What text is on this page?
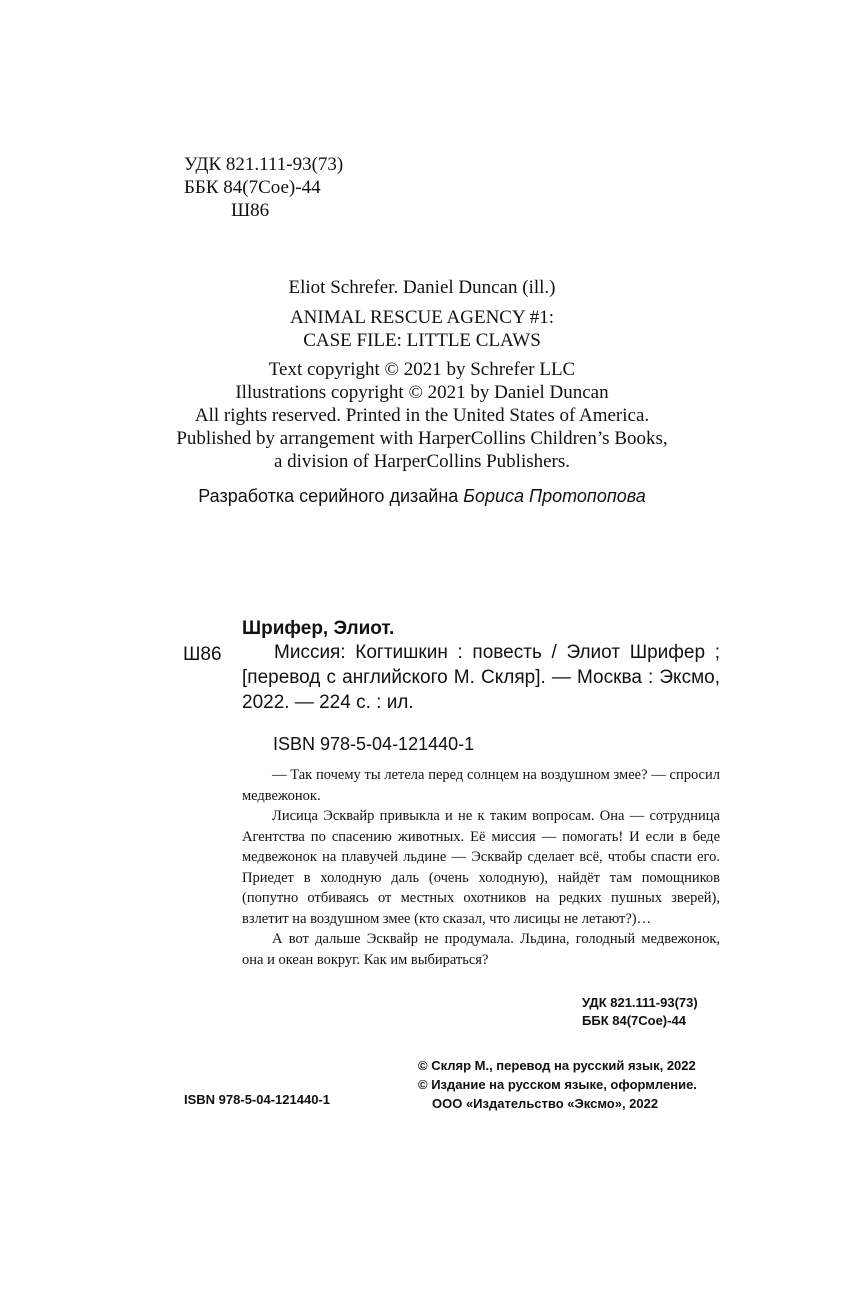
УДК 821.111-93(73)
ББК 84(7Сое)-44
Ш86
Eliot Schrefer. Daniel Duncan (ill.)
ANIMAL RESCUE AGENCY #1:
CASE FILE: LITTLE CLAWS
Text copyright © 2021 by Schrefer LLC
Illustrations copyright © 2021 by Daniel Duncan
All rights reserved. Printed in the United States of America.
Published by arrangement with HarperCollins Children’s Books,
a division of HarperCollins Publishers.
Разработка серийного дизайна Бориса Протопопова
Шрифер, Элиот.
Ш86	Миссия: Когтишкин : повесть / Элиот Шрифер ; [перевод с английского М. Скляр]. — Москва : Эксмо, 2022. — 224 с. : ил.

ISBN 978-5-04-121440-1

— Так почему ты летела перед солнцем на воздушном змее? — спросил медвежонок.

Лисица Эсквайр привыкла и не к таким вопросам. Она — сотрудница Агентства по спасению животных. Её миссия — помогать! И если в беде медвежонок на плавучей льдине — Эсквайр сделает всё, чтобы спасти его. Приедет в холодную даль (очень холодную), найдёт там помощников (попутно отбиваясь от местных охотников на редких пушных зверей), взлетит на воздушном змее (кто сказал, что лисицы не летают?)…

А вот дальше Эсквайр не продумала. Льдина, голодный медвежонок, она и океан вокруг. Как им выбираться?

УДК 821.111-93(73)
ББК 84(7Сое)-44
© Скляр М., перевод на русский язык, 2022
© Издание на русском языке, оформление.
ООО «Издательство «Эксмо», 2022
ISBN 978-5-04-121440-1
